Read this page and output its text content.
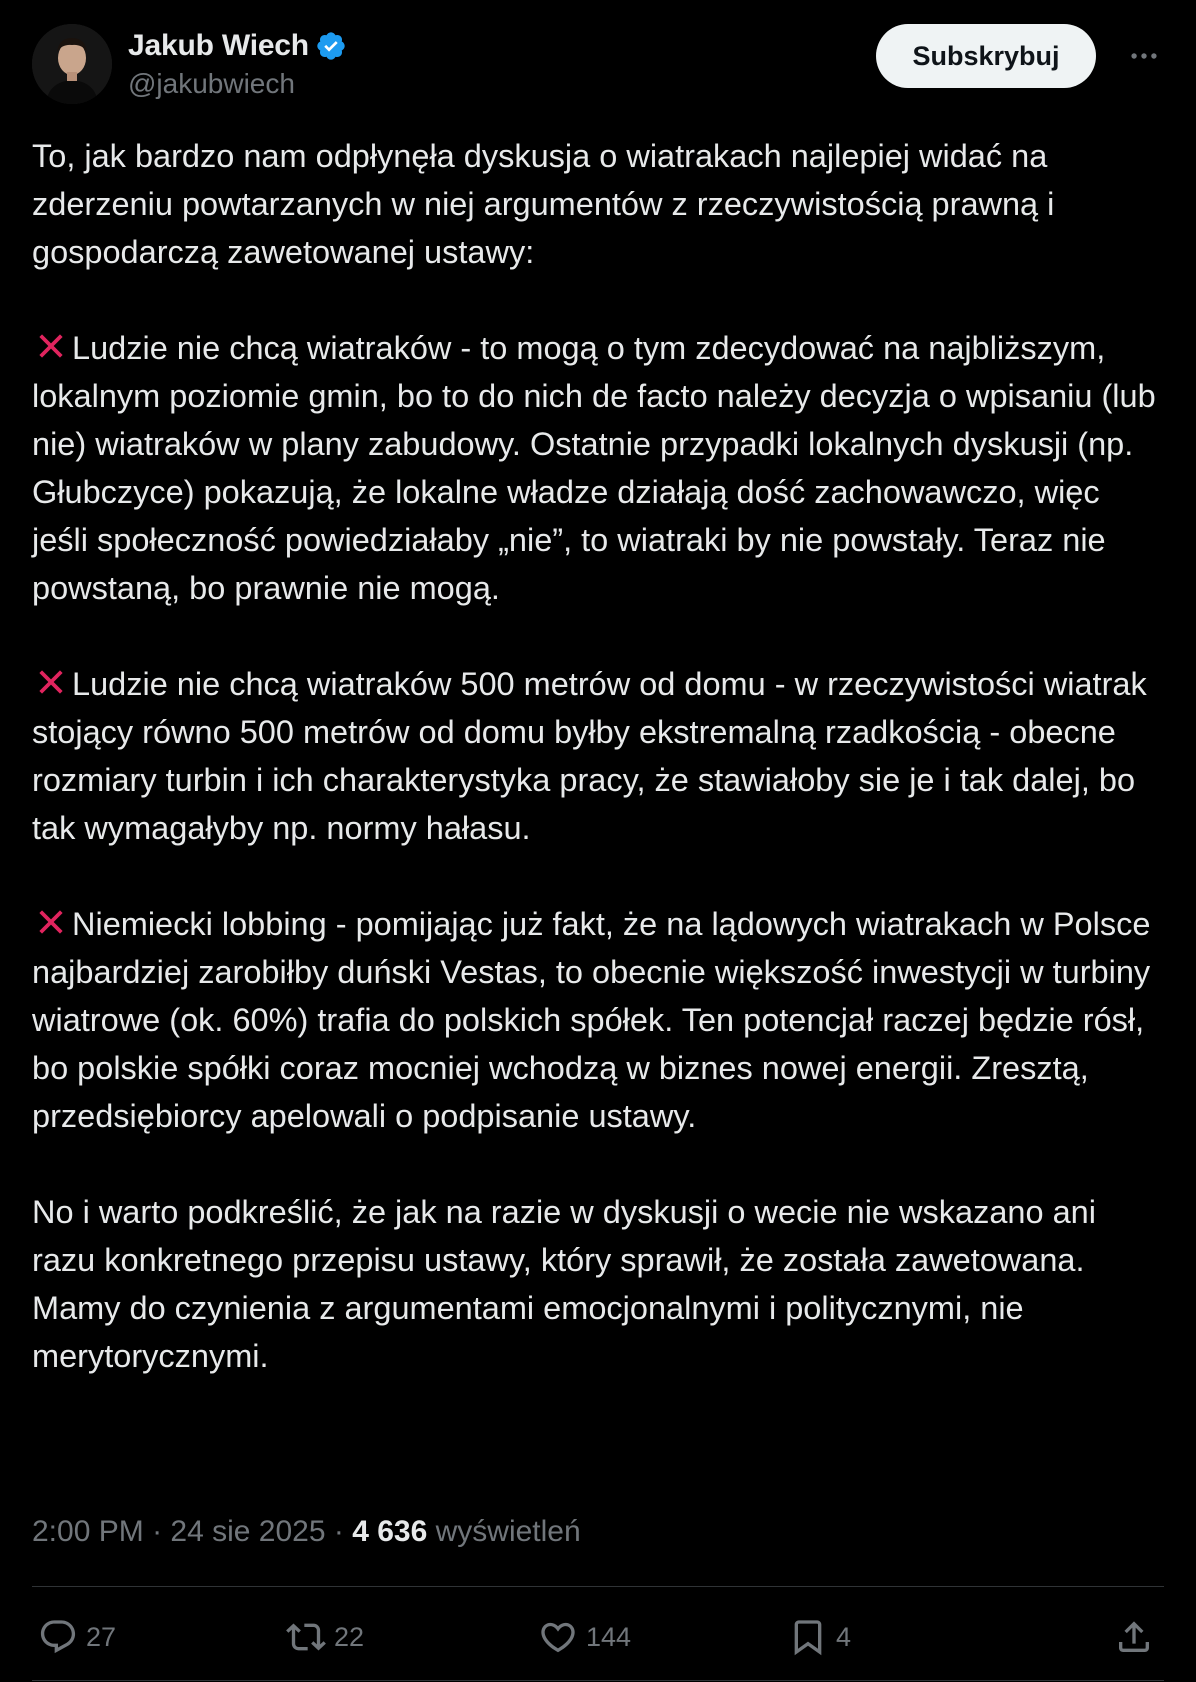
Jakub Wiech
@jakubwiech
Subskrybuj

To, jak bardzo nam odpłynęła dyskusja o wiatrakach najlepiej widać na zderzeniu powtarzanych w niej argumentów z rzeczywistością prawną i gospodarczą zawetowanej ustawy:

Ludzie nie chcą wiatraków - to mogą o tym zdecydować na najbliższym, lokalnym poziomie gmin, bo to do nich de facto należy decyzja o wpisaniu (lub nie) wiatraków w plany zabudowy. Ostatnie przypadki lokalnych dyskusji (np. Głubczyce) pokazują, że lokalne władze działają dość zachowawczo, więc jeśli społeczność powiedziałaby „nie”, to wiatraki by nie powstały. Teraz nie powstaną, bo prawnie nie mogą.

Ludzie nie chcą wiatraków 500 metrów od domu - w rzeczywistości wiatrak stojący równo 500 metrów od domu byłby ekstremalną rzadkością - obecne rozmiary turbin i ich charakterystyka pracy, że stawiałoby sie je i tak dalej, bo tak wymagałyby np. normy hałasu.

Niemiecki lobbing - pomijając już fakt, że na lądowych wiatrakach w Polsce najbardziej zarobiłby duński Vestas, to obecnie większość inwestycji w turbiny wiatrowe (ok. 60%) trafia do polskich spółek. Ten potencjał raczej będzie rósł, bo polskie spółki coraz mocniej wchodzą w biznes nowej energii. Zresztą, przedsiębiorcy apelowali o podpisanie ustawy.

No i warto podkreślić, że jak na razie w dyskusji o wecie nie wskazano ani razu konkretnego przepisu ustawy, który sprawił, że została zawetowana. Mamy do czynienia z argumentami emocjonalnymi i politycznymi, nie merytorycznymi.

2:00 PM · 24 sie 2025 · 4 636 wyświetleń
27	22	144	4
